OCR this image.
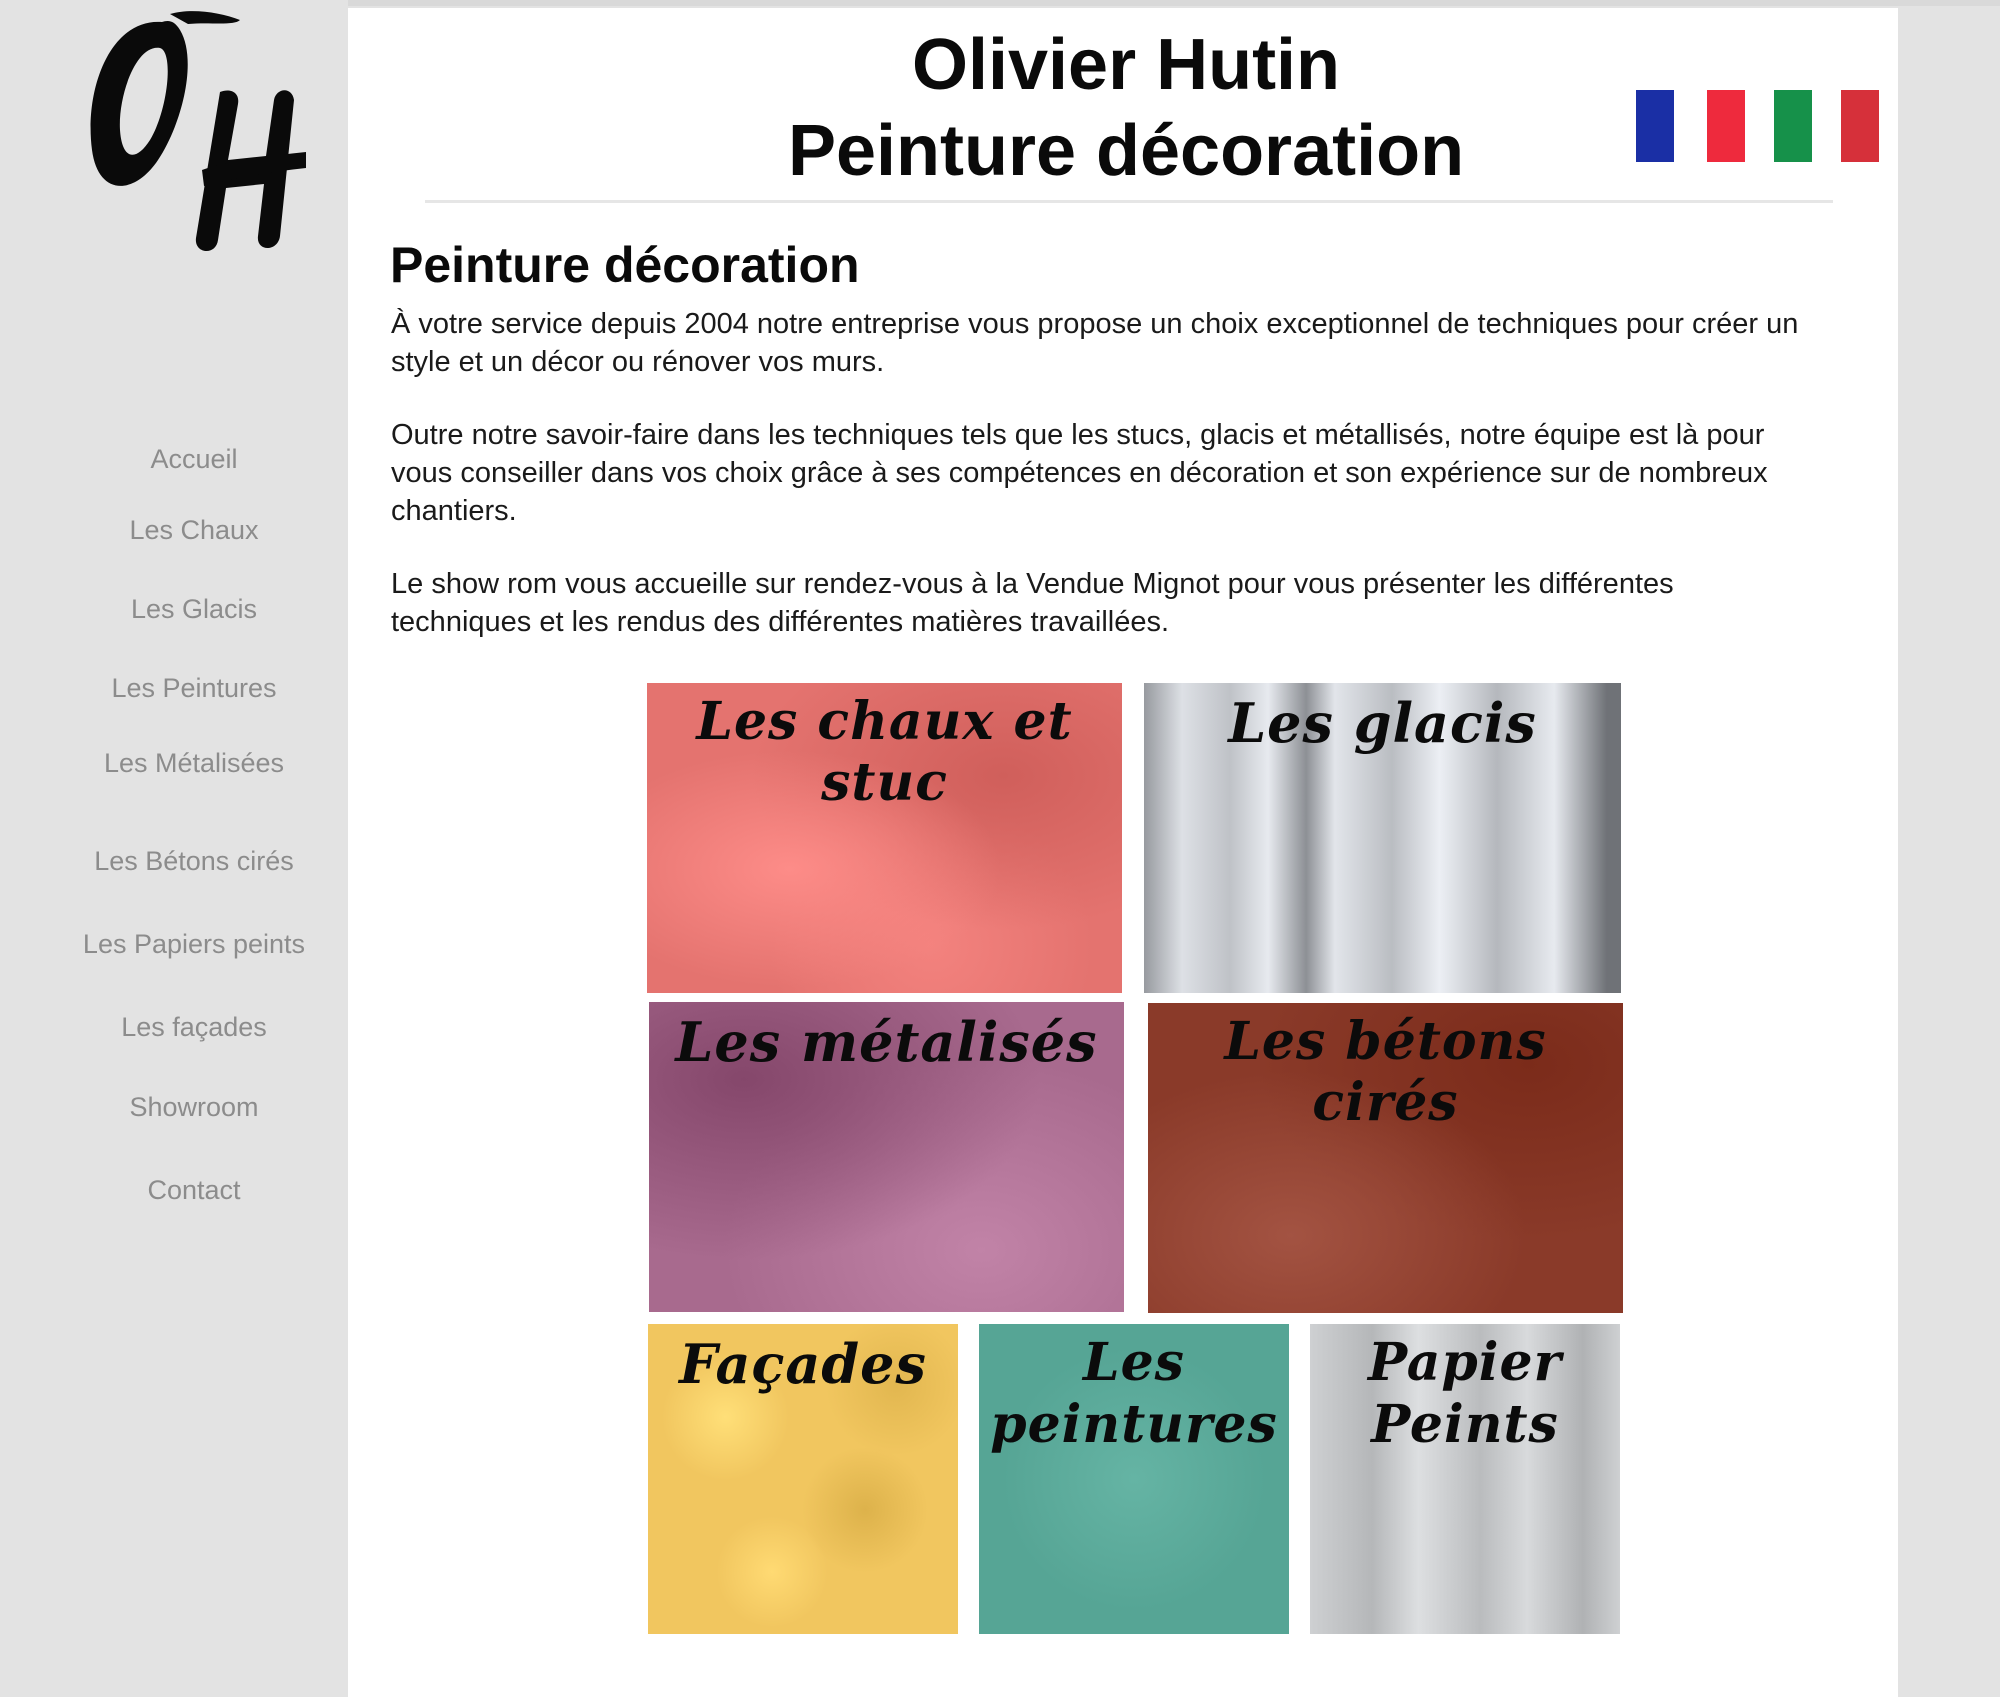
Accueil
Les Chaux
Les Glacis
Les Peintures
Les Métalisées
Les Bétons cirés
Les Papiers peints
Les façades
Showroom
Contact
Olivier Hutin
Peinture décoration
Peinture décoration
À votre service depuis 2004 notre entreprise vous propose un choix exceptionnel de techniques pour créer un style et un décor ou rénover vos murs.
Outre notre savoir-faire dans les techniques tels que les stucs, glacis et métallisés, notre équipe est là pour vous conseiller dans vos choix grâce à ses compétences en décoration et son expérience sur de nombreux chantiers.
Le show rom vous accueille sur rendez-vous à la Vendue Mignot pour vous présenter les différentes techniques et les rendus des différentes matières travaillées.
Les chaux et stuc
Les glacis
Les métalisés	Les bétons cirés
Façades	Les
peintures
Papier
Peints
